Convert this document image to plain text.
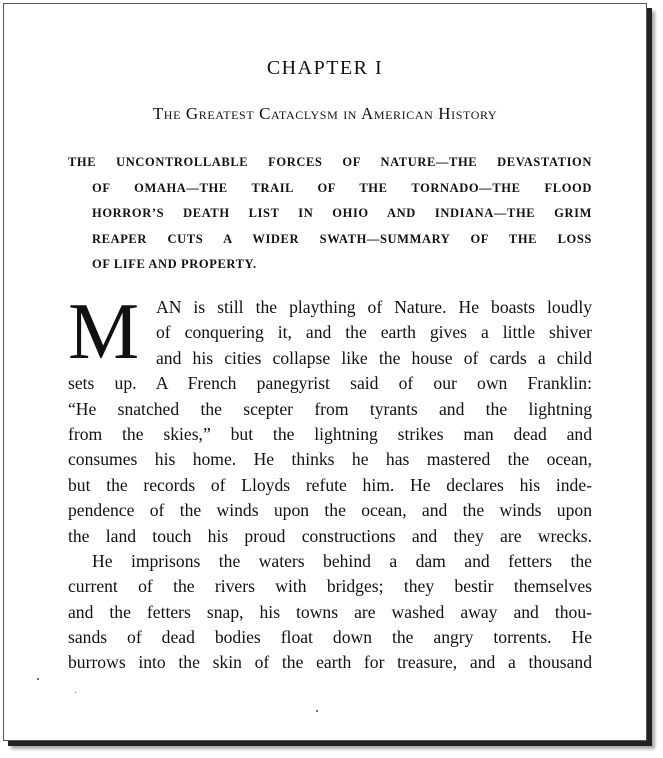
CHAPTER I
The Greatest Cataclysm in American History
THE UNCONTROLLABLE FORCES OF NATURE—THE DEVASTATION
OF OMAHA—THE TRAIL OF THE TORNADO—THE FLOOD
HORROR’S DEATH LIST IN OHIO AND INDIANA—THE GRIM
REAPER CUTS A WIDER SWATH—SUMMARY OF THE LOSS
OF LIFE AND PROPERTY.
M AN is still the plaything of Nature. He boasts loudly
of conquering it, and the earth gives a little shiver
and his cities collapse like the house of cards a child
sets up. A French panegyrist said of our own Franklin:
“He snatched the scepter from tyrants and the lightning
from the skies,” but the lightning strikes man dead and
consumes his home. He thinks he has mastered the ocean,
but the records of Lloyds refute him. He declares his inde-
pendence of the winds upon the ocean, and the winds upon
the land touch his proud constructions and they are wrecks.
He imprisons the waters behind a dam and fetters the
current of the rivers with bridges; they bestir themselves
and the fetters snap, his towns are washed away and thou-
sands of dead bodies float down the angry torrents. He
burrows into the skin of the earth for treasure, and a thousand
